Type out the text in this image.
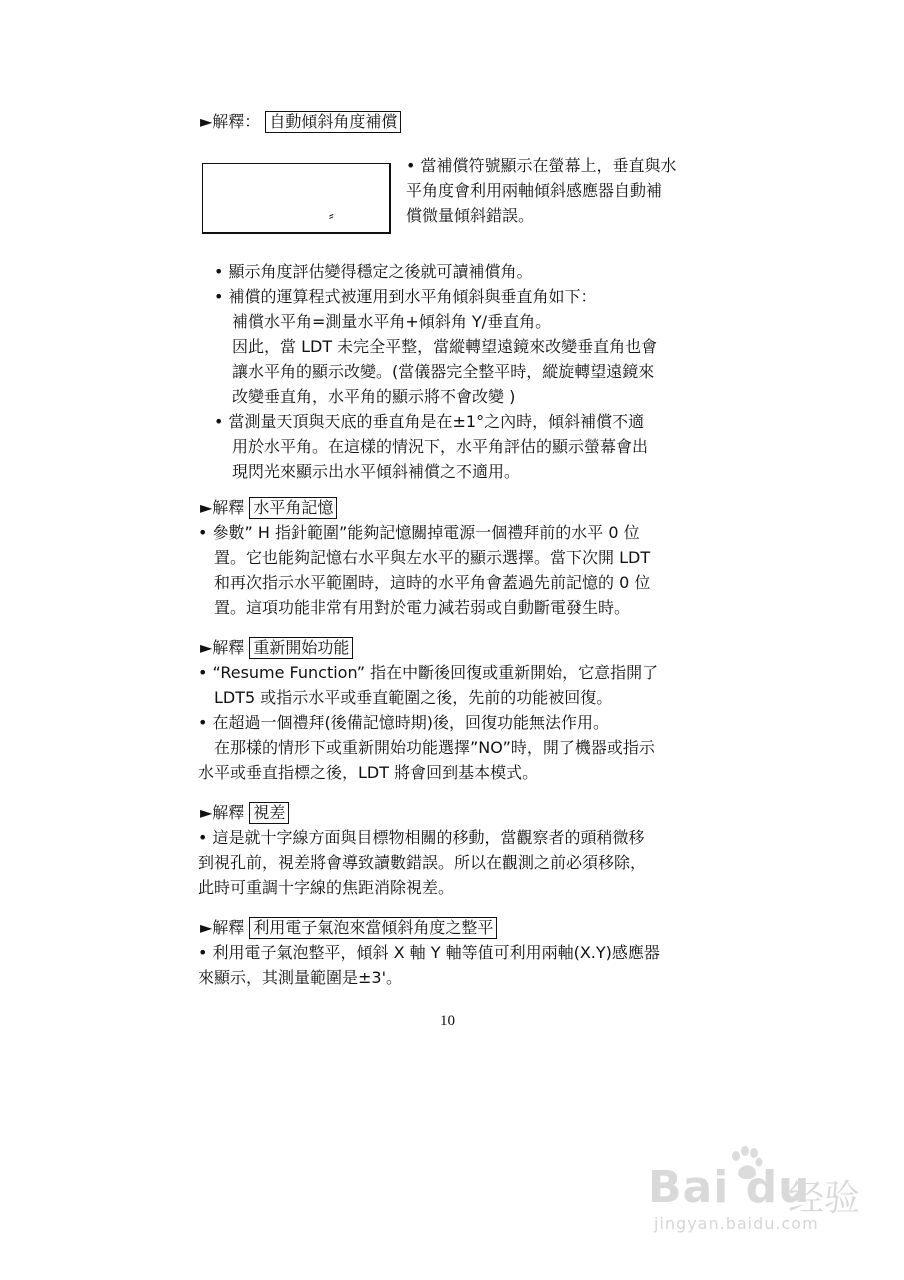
►解釋： 自動傾斜角度補償
⸗
• 當補償符號顯示在螢幕上，垂直與水
平角度會利用兩軸傾斜感應器自動補
償微量傾斜錯誤。
• 顯示角度評估變得穩定之後就可讀補償角。
• 補償的運算程式被運用到水平角傾斜與垂直角如下：
補償水平角=測量水平角+傾斜角 Y/垂直角。
因此，當 LDT 未完全平整，當縱轉望遠鏡來改變垂直角也會
讓水平角的顯示改變。(當儀器完全整平時，縱旋轉望遠鏡來
改變垂直角，水平角的顯示將不會改變 )
• 當測量天頂與天底的垂直角是在±1°之內時，傾斜補償不適
用於水平角。在這樣的情況下，水平角評估的顯示螢幕會出
現閃光來顯示出水平傾斜補償之不適用。
►解釋 水平角記憶
• 參數” H 指針範圍”能夠記憶關掉電源一個禮拜前的水平 0 位
置。它也能夠記憶右水平與左水平的顯示選擇。當下次開 LDT
和再次指示水平範圍時，這時的水平角會蓋過先前記憶的 0 位
置。這項功能非常有用對於電力減若弱或自動斷電發生時。
►解釋 重新開始功能
• “Resume Function” 指在中斷後回復或重新開始，它意指開了
LDT5 或指示水平或垂直範圍之後，先前的功能被回復。
• 在超過一個禮拜(後備記憶時期)後，回復功能無法作用。
在那樣的情形下或重新開始功能選擇”NO”時，開了機器或指示
水平或垂直指標之後，LDT 將會回到基本模式。
►解釋 視差
• 這是就十字線方面與目標物相關的移動，當觀察者的頭稍微移
到視孔前，視差將會導致讀數錯誤。所以在觀測之前必須移除，
此時可重調十字線的焦距消除視差。
►解釋 利用電子氣泡來當傾斜角度之整平
• 利用電子氣泡整平，傾斜 X 軸 Y 軸等值可利用兩軸(X.Y)感應器
來顯示，其測量範圍是±3'。
10
Bai du
经验
jingyan.baidu.com
